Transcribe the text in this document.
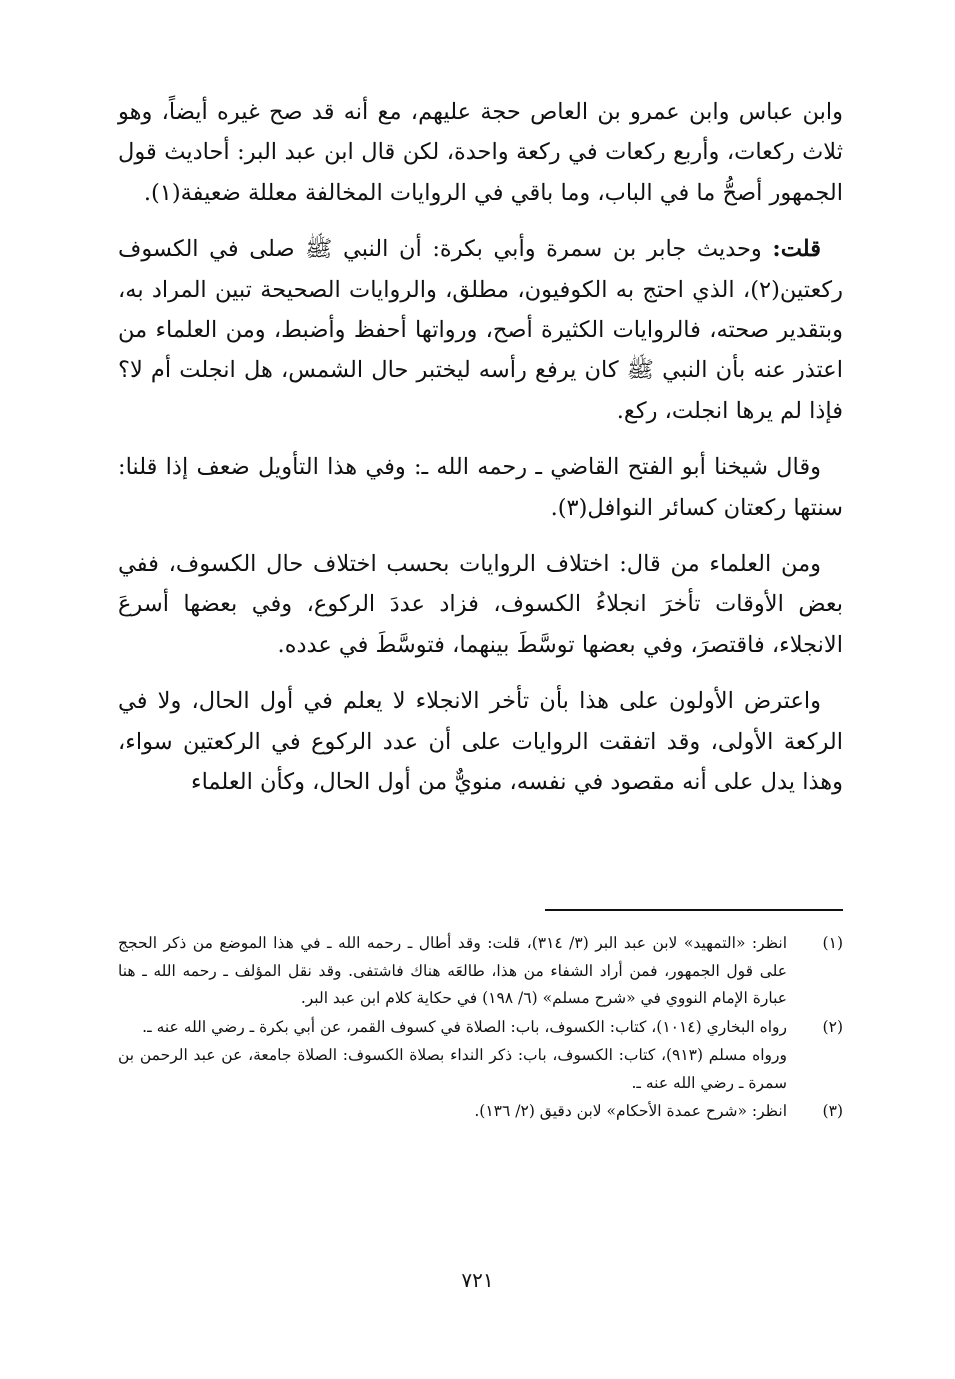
وابن عباس وابن عمرو بن العاص حجة عليهم، مع أنه قد صح غيره أيضاً، وهو ثلاث ركعات، وأربع ركعات في ركعة واحدة، لكن قال ابن عبد البر: أحاديث قول الجمهور أصحُّ ما في الباب، وما باقي في الروايات المخالفة معللة ضعيفة(١).

قلت: وحديث جابر بن سمرة وأبي بكرة: أن النبي ﷺ صلى في الكسوف ركعتين(٢)، الذي احتج به الكوفيون، مطلق، والروايات الصحيحة تبين المراد به، وبتقدير صحته، فالروايات الكثيرة أصح، ورواتها أحفظ وأضبط، ومن العلماء من اعتذر عنه بأن النبي ﷺ كان يرفع رأسه ليختبر حال الشمس، هل انجلت أم لا؟ فإذا لم يرها انجلت، ركع.

وقال شيخنا أبو الفتح القاضي ـ رحمه الله ـ: وفي هذا التأويل ضعف إذا قلنا: سنتها ركعتان كسائر النوافل(٣).

ومن العلماء من قال: اختلاف الروايات بحسب اختلاف حال الكسوف، ففي بعض الأوقات تأخرَ انجلاءُ الكسوف، فزاد عددَ الركوع، وفي بعضها أسرعَ الانجلاء، فاقتصرَ، وفي بعضها توسَّطَ بينهما، فتوسَّطَ في عدده.

واعترض الأولون على هذا بأن تأخر الانجلاء لا يعلم في أول الحال، ولا في الركعة الأولى، وقد اتفقت الروايات على أن عدد الركوع في الركعتين سواء، وهذا يدل على أنه مقصود في نفسه، منويٌّ من أول الحال، وكأن العلماء

(١)
انظر: «التمهيد» لابن عبد البر (٣/ ٣١٤)، قلت: وقد أطال ـ رحمه الله ـ في هذا الموضع من ذكر الحجج على قول الجمهور، فمن أراد الشفاء من هذا، طالعَه هناك فاشتفى. وقد نقل المؤلف ـ رحمه الله ـ هنا عبارة الإمام النووي في «شرح مسلم» (٦/ ١٩٨) في حكاية كلام ابن عبد البر.
(٢)
رواه البخاري (١٠١٤)، كتاب: الكسوف، باب: الصلاة في كسوف القمر، عن أبي بكرة ـ رضي الله عنه ـ.
ورواه مسلم (٩١٣)، كتاب: الكسوف، باب: ذكر النداء بصلاة الكسوف: الصلاة جامعة، عن عبد الرحمن بن سمرة ـ رضي الله عنه ـ.
(٣)
انظر: «شرح عمدة الأحكام» لابن دقيق (٢/ ١٣٦).
٧٢١
